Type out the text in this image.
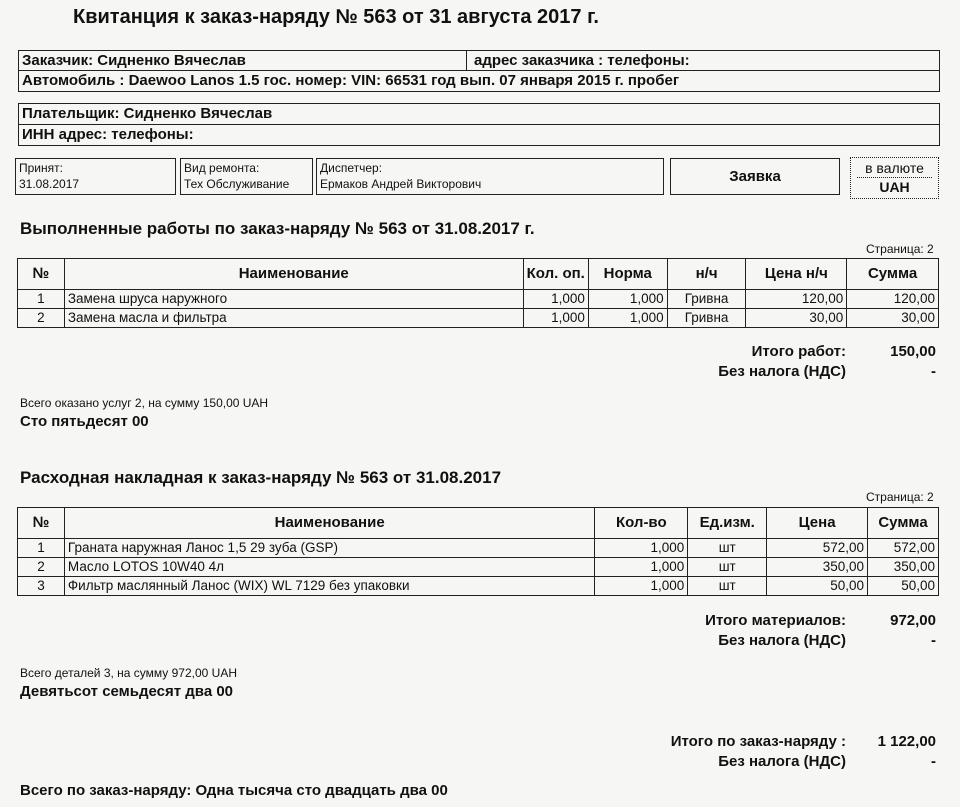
Квитанция к заказ-наряду № 563 от 31 августа 2017 г.
Заказчик: Сидненко Вячеслав	адрес заказчика : телефоны:
Автомобиль : Daewoo Lanos 1.5 гос. номер: VIN: 66531 год вып. 07 января 2015 г. пробег
Плательщик: Сидненко Вячеслав
ИНН адрес: телефоны:
Принят:
31.08.2017
Вид ремонта:
Тех Обслуживание
Диспетчер:
Ермаков Андрей Викторович	Заявка	в валюте
UAH
Выполненные работы по заказ-наряду № 563 от 31.08.2017 г.
Страница: 2
№	Наименование	Кол. оп.	Норма	н/ч	Цена н/ч	Сумма
1	Замена шруса наружного	1,000	1,000	Гривна	120,00	120,00
2	Замена масла и фильтра	1,000	1,000	Гривна	30,00	30,00
Итого работ:	150,00
Без налога (НДС)	-
Всего оказано услуг 2, на сумму 150,00 UAH
Сто пятьдесят 00
Расходная накладная к заказ-наряду № 563 от 31.08.2017
Страница: 2
№	Наименование	Кол-во	Ед.изм.	Цена	Сумма
1	Граната наружная Ланос 1,5 29 зуба (GSP)	1,000	шт	572,00	572,00
2	Масло LOTOS 10W40 4л	1,000	шт	350,00	350,00
3	Фильтр маслянный Ланос (WIX) WL 7129 без упаковки	1,000	шт	50,00	50,00
Итого материалов:	972,00
Без налога (НДС)	-
Всего деталей 3, на сумму 972,00 UAH
Девятьсот семьдесят два 00
Итого по заказ-наряду : 1 122,00
Без налога (НДС)	-
Всего по заказ-наряду: Одна тысяча сто двадцать два 00
